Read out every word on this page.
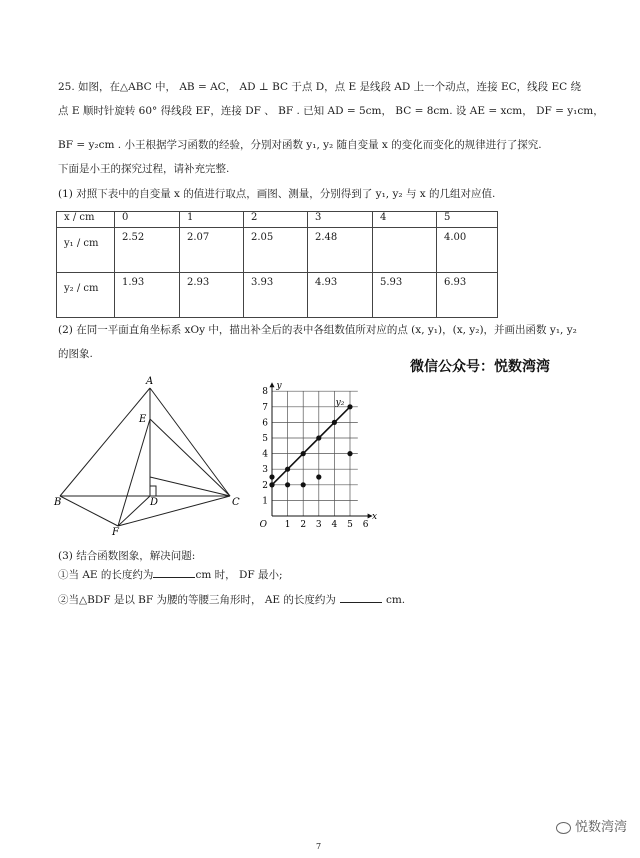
25. 如图，在△ABC 中， AB = AC， AD ⊥ BC 于点 D，点 E 是线段 AD 上一个动点，连接 EC，线段 EC 绕
点 E 顺时针旋转 60° 得线段 EF，连接 DF 、 BF . 已知 AD = 5cm， BC = 8cm. 设 AE = xcm， DF = y₁cm，
BF = y₂cm . 小王根据学习函数的经验，分别对函数 y₁, y₂ 随自变量 x 的变化而变化的规律进行了探究.
下面是小王的探究过程，请补充完整.
(1) 对照下表中的自变量 x 的值进行取点，画图、测量，分别得到了 y₁, y₂ 与 x 的几组对应值.
x / cm	0	1	2	3	4	5
y₁ / cm	2.52	2.07	2.05	2.48		4.00
y₂ / cm	1.93	2.93	3.93	4.93	5.93	6.93
(2) 在同一平面直角坐标系 xOy 中，描出补全后的表中各组数值所对应的点 (x, y₁)，(x, y₂)，并画出函数 y₁, y₂
的图象.
微信公众号：悦数湾湾
A
E
B	D	C
F
1 2 3 4 5 6
1
2
3
4
5
6
7
8
O
x
y
y₂
(3) 结合函数图象，解决问题:
①当 AE 的长度约为	cm 时， DF 最小;
②当△BDF 是以 BF 为腰的等腰三角形时， AE 的长度约为	cm.
悦数湾湾
7
